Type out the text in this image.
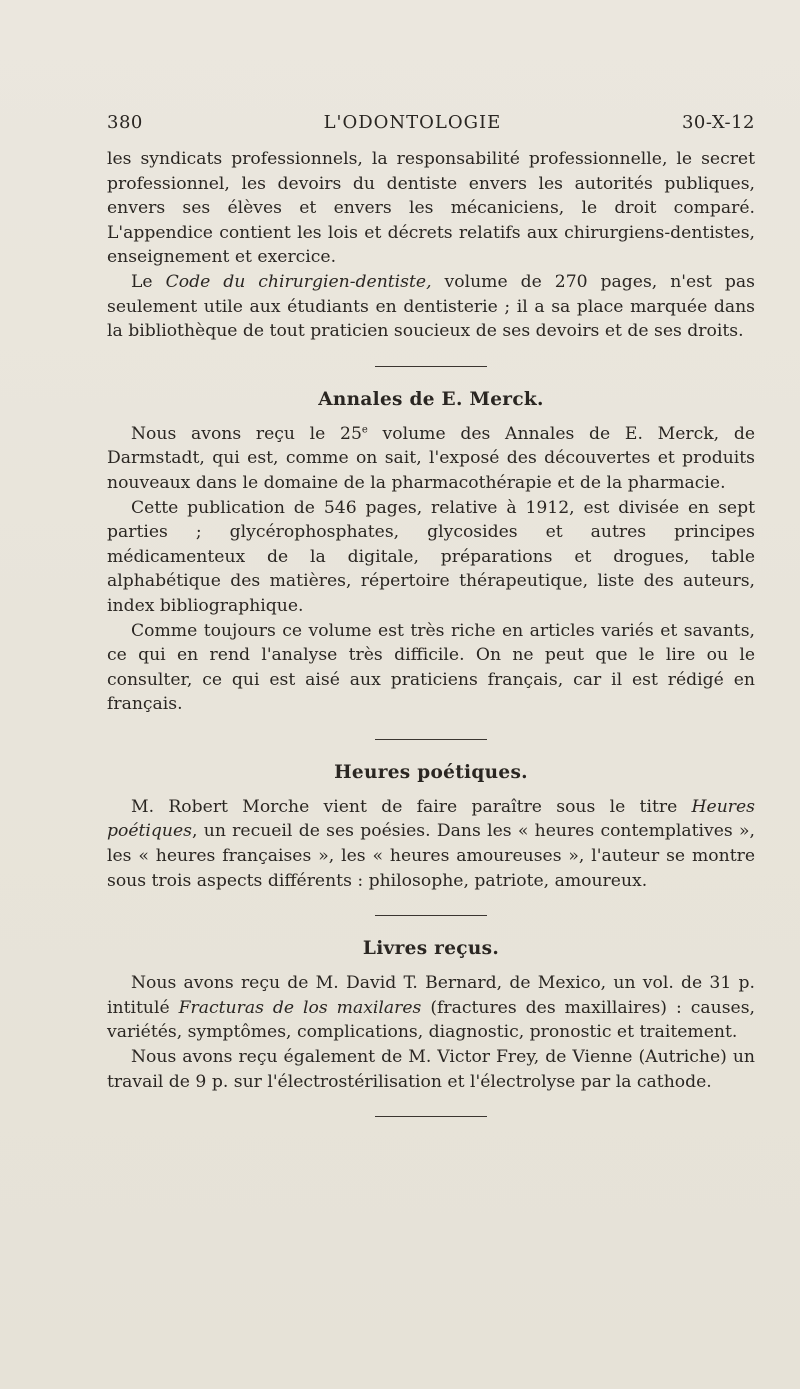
380	L'ODONTOLOGIE	30-X-12

les syndicats professionnels, la responsabilité professionnelle, le secret professionnel, les devoirs du dentiste envers les autorités publiques, envers ses élèves et envers les mécaniciens, le droit comparé. L'appendice contient les lois et décrets relatifs aux chirurgiens-dentistes, enseignement et exercice.

Le Code du chirurgien-dentiste, volume de 270 pages, n'est pas seulement utile aux étudiants en dentisterie ; il a sa place marquée dans la bibliothèque de tout praticien soucieux de ses devoirs et de ses droits.

Annales de E. Merck.

Nous avons reçu le 25e volume des Annales de E. Merck, de Darmstadt, qui est, comme on sait, l'exposé des découvertes et produits nouveaux dans le domaine de la pharmacothérapie et de la pharmacie.

Cette publication de 546 pages, relative à 1912, est divisée en sept parties ; glycérophosphates, glycosides et autres principes médicamenteux de la digitale, préparations et drogues, table alphabétique des matières, répertoire thérapeutique, liste des auteurs, index bibliographique.

Comme toujours ce volume est très riche en articles variés et savants, ce qui en rend l'analyse très difficile. On ne peut que le lire ou le consulter, ce qui est aisé aux praticiens français, car il est rédigé en français.

Heures poétiques.

M. Robert Morche vient de faire paraître sous le titre Heures poétiques, un recueil de ses poésies. Dans les « heures contemplatives », les « heures françaises », les « heures amoureuses », l'auteur se montre sous trois aspects différents : philosophe, patriote, amoureux.

Livres reçus.

Nous avons reçu de M. David T. Bernard, de Mexico, un vol. de 31 p. intitulé Fracturas de los maxilares (fractures des maxillaires) : causes, variétés, symptômes, complications, diagnostic, pronostic et traitement.

Nous avons reçu également de M. Victor Frey, de Vienne (Autriche) un travail de 9 p. sur l'électrostérilisation et l'électrolyse par la cathode.
